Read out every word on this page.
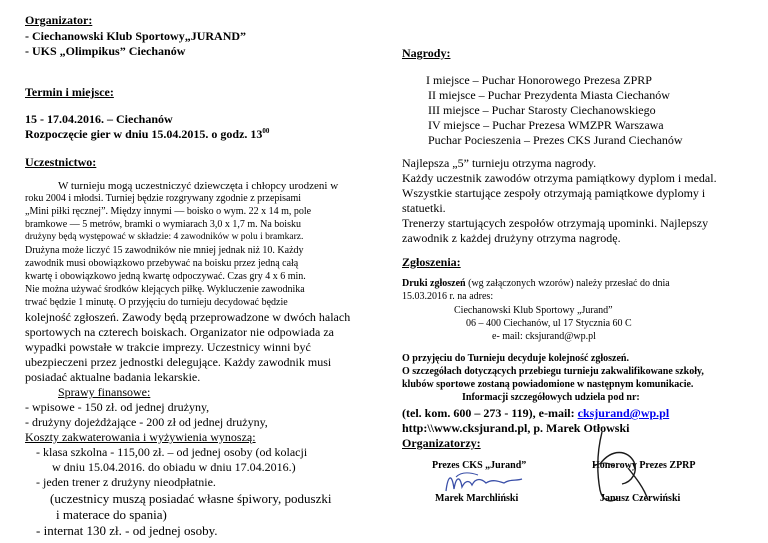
Organizator:
- Ciechanowski Klub Sportowy„JURAND”
- UKS „Olimpikus” Ciechanów
Termin i miejsce:
15 - 17.04.2016. – Ciechanów
Rozpoczęcie gier w dniu 15.04.2015. o godz. $13^{00}$
Uczestnictwo:
W turnieju mogą uczestniczyć dziewczęta i chłopcy urodzeni w
roku 2004 i młodsi. Turniej będzie rozgrywany zgodnie z przepisami
„Mini piłki ręcznej”. Między innymi — boisko o wym. 22 x 14 m, pole
bramkowe — 5 metrów, bramki o wymiarach 3,0 x 1,7 m. Na boisku
drużyny będą występować w składzie: 4 zawodników w polu i bramkarz.
Drużyna może liczyć 15 zawodników nie mniej jednak niż 10. Każdy
zawodnik musi obowiązkowo przebywać na boisku przez jedną całą
kwartę i obowiązkowo jedną kwartę odpoczywać. Czas gry 4 x 6 min.
Nie można używać środków klejących piłkę. Wykluczenie zawodnika
trwać będzie 1 minutę. O przyjęciu do turnieju decydować będzie
kolejność zgłoszeń. Zawody będą przeprowadzone w dwóch halach
sportowych na czterech boiskach. Organizator nie odpowiada za
wypadki powstałe w trakcie imprezy. Uczestnicy winni być
ubezpieczeni przez jednostki delegujące. Każdy zawodnik musi
posiadać aktualne badania lekarskie.
Sprawy finansowe:
- wpisowe - 150 zł. od jednej drużyny,
- drużyny dojeżdżające - 200 zł od jednej drużyny,
Koszty zakwaterowania i wyżywienia wynoszą:
- klasa szkolna - 115,00 zł. – od jednej osoby (od kolacji
w dniu 15.04.2016. do obiadu w dniu 17.04.2016.)
- jeden trener z drużyny nieodpłatnie.
(uczestnicy muszą posiadać własne śpiwory, poduszki
i materace do spania)
- internat 130 zł. - od jednej osoby.
Nagrody:
I miejsce – Puchar Honorowego Prezesa ZPRP
II miejsce – Puchar Prezydenta Miasta Ciechanów
III miejsce – Puchar Starosty Ciechanowskiego
IV miejsce – Puchar Prezesa WMZPR Warszawa
Puchar Pocieszenia – Prezes CKS Jurand Ciechanów
Najlepsza „5” turnieju otrzyma nagrody.
Każdy uczestnik zawodów otrzyma pamiątkowy dyplom i medal.
Wszystkie startujące zespoły otrzymają pamiątkowe dyplomy i
statuetki.
Trenerzy startujących zespołów otrzymają upominki. Najlepszy
zawodnik z każdej drużyny otrzyma nagrodę.
Zgłoszenia:
Druki zgłoszeń (wg załączonych wzorów) należy przesłać do dnia
15.03.2016 r. na adres:
Ciechanowski Klub Sportowy „Jurand”
06 – 400 Ciechanów, ul 17 Stycznia 60 C
e- mail: cksjurand@wp.pl
O przyjęciu do Turnieju decyduje kolejność zgłoszeń.
O szczegółach dotyczących przebiegu turnieju zakwalifikowane szkoły,
klubów sportowe zostaną powiadomione w następnym komunikacie.
Informacji szczegółowych udziela pod nr:
(tel. kom. 600 – 273 - 119), e-mail: cksjurand@wp.pl
http:\\www.cksjurand.pl, p. Marek Otłowski
Organizatorzy:
Prezes CKS „Jurand”
Marek Marchliński
Honorowy Prezes ZPRP
Janusz Czerwiński
